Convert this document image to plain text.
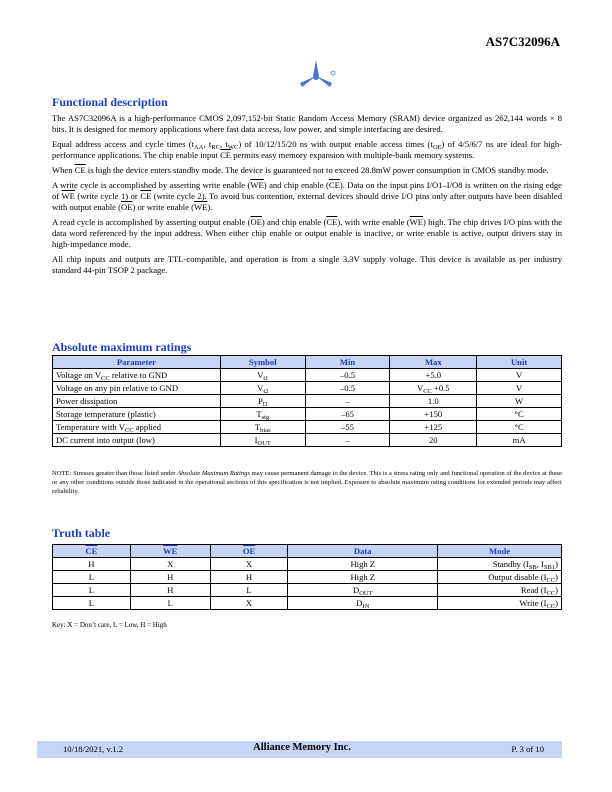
AS7C32096A
Functional description

The AS7C32096A is a high-performance CMOS 2,097,152-bit Static Random Access Memory (SRAM) device organized as 262,144 words × 8 bits. It is designed for memory applications where fast data access, low power, and simple interfacing are desired.

Equal address access and cycle times ($t_{AA}$, $t_{RC}$, $t_{WC}$) of 10/12/15/20 ns with output enable access times $(t_{OE})$ of 4/5/6/7 ns are ideal for high-performance applications. The chip enable input $\overline{CE}$ permits easy memory expansion with multiple-bank memory systems.

When $\overline{CE}$ is high the device enters standby mode. The device is guaranteed not to exceed 28.8mW power consumption in CMOS standby mode.

A write cycle is accomplished by asserting write enable $(\overline{WE})$ and chip enable $(\overline{CE})$. Data on the input pins I/O1–I/O8 is written on the rising edge of $\overline{WE}$ (write cycle 1) or $\overline{CE}$ (write cycle 2). To avoid bus contention, external devices should drive I/O pins only after outputs have been disabled with output enable $(\overline{OE})$ or write enable $(\overline{WE})$.

A read cycle is accomplished by asserting output enable $(\overline{OE})$ and chip enable $(\overline{CE})$, with write enable $(\overline{WE})$ high. The chip drives I/O pins with the data word referenced by the input address. When either chip enable or output enable is inactive, or write enable is active, output drivers stay in high-impedance mode.

All chip inputs and outputs are TTL-compatible, and operation is from a single 3.3V supply voltage. This device is available as per industry standard 44-pin TSOP 2 package.

Absolute maximum ratings
Parameter	Symbol	Min	Max	Unit
Voltage on $V_{CC}$ relative to GND	$V_{t1}$	–0.5	+5.0	V
Voltage on any pin relative to GND	$V_{t2}$	–0.5	$V_{CC} +0.5$	V
Power dissipation	$P_D$	–	1.0	W
Storage temperature (plastic)	$T_{stg}$	–65	+150	°C
Temperature with $V_{CC}$ applied	$T_{bias}$	–55	+125	°C
DC current into output (low)	$I_{OUT}$	–	20	mA
NOTE: Stresses greater than those listed under Absolute Maximum Ratings may cause permanent damage to the device. This is a stress rating only and functional operation of the device at these or any other conditions outside those indicated in the operational sections of this specification is not implied. Exposure to absolute maximum rating conditions for extended periods may affect reliability.
Truth table
$\overline{CE}$	$\overline{WE}$	$\overline{OE}$	Data	Mode
H	X	X	High Z	Standby ($I_{SB}$, $I_{SB1}$)
L	H	H	High Z	Output disable $(I_{CC})$
L	H	L	$D_{OUT}$	Read $(I_{CC})$
L	L	X	$D_{IN}$	Write $(I_{CC})$
Key: X = Don’t care, L = Low, H = High
10/18/2021, v.1.2	Alliance Memory Inc.	P. 3 of 10
